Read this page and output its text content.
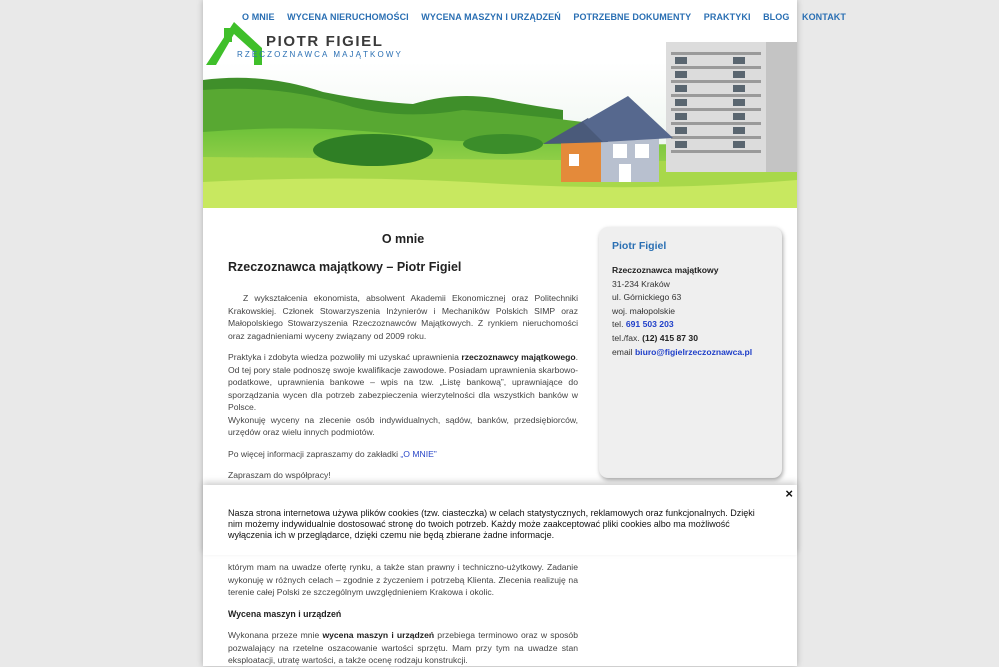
PIOTR FIGIEL
RZECZOZNAWCA MAJĄTKOWY
O MNIE WYCENA NIERUCHOMOŚCI WYCENA MASZYN I URZĄDZEŃ POTRZEBNE DOKUMENTY PRAKTYKI BLOG KONTAKT
O mnie
Rzeczoznawca majątkowy – Piotr Figiel

Z wykształcenia ekonomista, absolwent Akademii Ekonomicznej oraz Politechniki Krakowskiej. Członek Stowarzyszenia Inżynierów i Mechaników Polskich SIMP oraz Małopolskiego Stowarzyszenia Rzeczoznawców Majątkowych. Z rynkiem nieruchomości oraz zagadnieniami wyceny związany od 2009 roku.

Praktyka i zdobyta wiedza pozwoliły mi uzyskać uprawnienia rzeczoznawcy majątkowego. Od tej pory stale podnoszę swoje kwalifikacje zawodowe. Posiadam uprawnienia skarbowo-podatkowe, uprawnienia bankowe – wpis na tzw. „Listę bankową”, uprawniające do sporządzania wycen dla potrzeb zabezpieczenia wierzytelności dla wszystkich banków w Polsce.
Wykonuję wyceny na zlecenie osób indywidualnych, sądów, banków, przedsiębiorców, urzędów oraz wielu innych podmiotów.

Po więcej informacji zapraszamy do zakładki „O MNIE”

Zapraszam do współpracy!

Piotr Figiel
Rzeczoznawca majątkowy
31-234 Kraków
ul. Górnickiego 63
woj. małopolskie
tel. 691 503 203
tel./fax. (12) 415 87 30
email biuro@figielrzeczoznawca.pl
×
Nasza strona internetowa używa plików cookies (tzw. ciasteczka) w celach statystycznych, reklamowych oraz funkcjonalnych. Dzięki nim możemy indywidualnie dostosować stronę do twoich potrzeb. Każdy może zaakceptować pliki cookies albo ma możliwość wyłączenia ich w przeglądarce, dzięki czemu nie będą zbierane żadne informacje.

którym mam na uwadze ofertę rynku, a także stan prawny i techniczno-użytkowy. Zadanie wykonuję w różnych celach – zgodnie z życzeniem i potrzebą Klienta. Zlecenia realizuję na terenie całej Polski ze szczególnym uwzględnieniem Krakowa i okolic.

Wycena maszyn i urządzeń

Wykonana przeze mnie wycena maszyn i urządzeń przebiega terminowo oraz w sposób pozwalający na rzetelne oszacowanie wartości sprzętu. Mam przy tym na uwadze stan eksploatacji, utratę wartości, a także ocenę rodzaju konstrukcji.
